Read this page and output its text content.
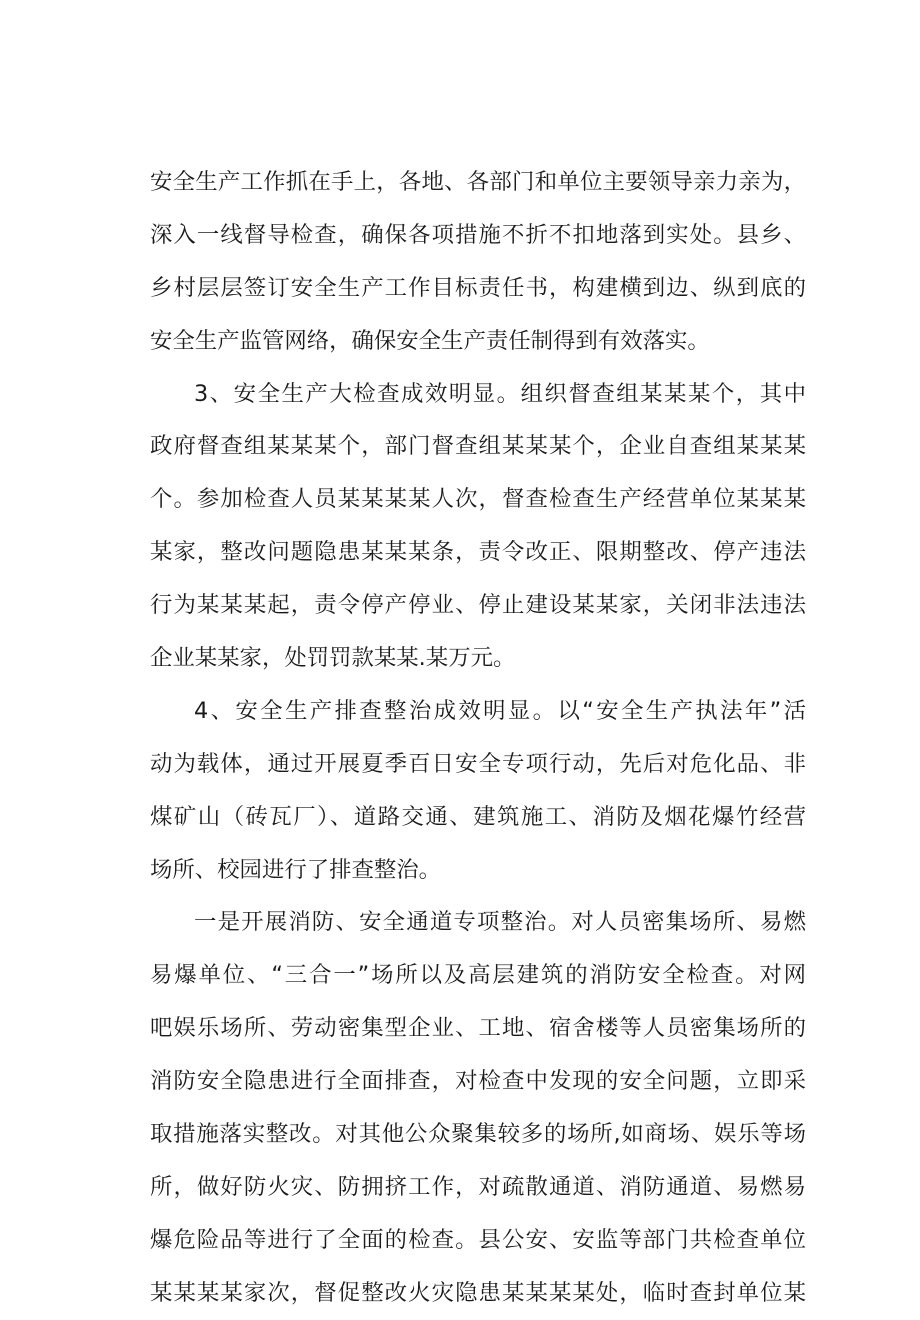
安全生产工作抓在手上，各地、各部门和单位主要领导亲力亲为，
深入一线督导检查，确保各项措施不折不扣地落到实处。县乡、
乡村层层签订安全生产工作目标责任书，构建横到边、纵到底的
安全生产监管网络，确保安全生产责任制得到有效落实。
3、安全生产大检查成效明显。组织督查组某某某个，其中
政府督查组某某某个，部门督查组某某某个，企业自查组某某某
个。参加检查人员某某某某人次，督查检查生产经营单位某某某
某家，整改问题隐患某某某条，责令改正、限期整改、停产违法
行为某某某起，责令停产停业、停止建设某某家，关闭非法违法
企业某某家，处罚罚款某某.某万元。
4、安全生产排查整治成效明显。以“安全生产执法年”活
动为载体，通过开展夏季百日安全专项行动，先后对危化品、非
煤矿山（砖瓦厂）、道路交通、建筑施工、消防及烟花爆竹经营
场所、校园进行了排查整治。
一是开展消防、安全通道专项整治。对人员密集场所、易燃
易爆单位、“三合一”场所以及高层建筑的消防安全检查。对网
吧娱乐场所、劳动密集型企业、工地、宿舍楼等人员密集场所的
消防安全隐患进行全面排查，对检查中发现的安全问题，立即采
取措施落实整改。对其他公众聚集较多的场所,如商场、娱乐等场
所，做好防火灾、防拥挤工作，对疏散通道、消防通道、易燃易
爆危险品等进行了全面的检查。县公安、安监等部门共检查单位
某某某某家次，督促整改火灾隐患某某某某处，临时查封单位某
